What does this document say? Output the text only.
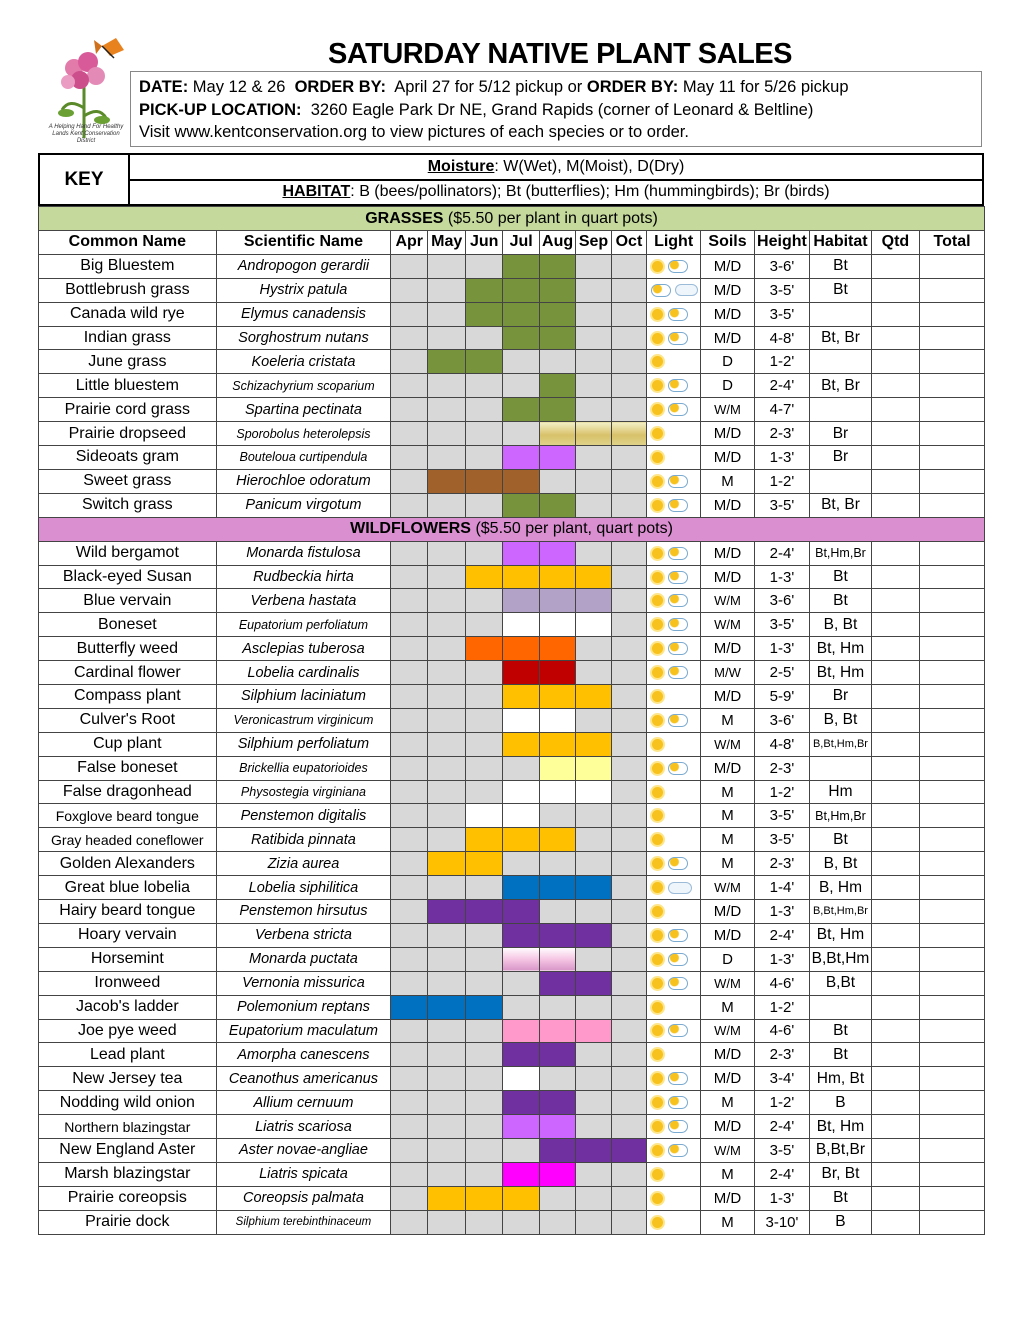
A Helping Hand For Healthy Lands Kent Conservation District
SATURDAY NATIVE PLANT SALES
DATE: May 12 & 26 ORDER BY: April 27 for 5/12 pickup or ORDER BY: May 11 for 5/26 pickup
PICK-UP LOCATION: 3260 Eagle Park Dr NE, Grand Rapids (corner of Leonard & Beltline)
Visit www.kentconservation.org to view pictures of each species or to order.
KEY
Moisture : W(Wet), M(Moist), D(Dry)
HABITAT : B (bees/pollinators); Bt (butterflies); Hm (hummingbirds); Br (birds)
GRASSES ($5.50 per plant in quart pots)														
Common Name	Scientific Name	Apr	May	Jun	Jul	Aug	Sep	Oct	Light	Soils	Height	Habitat	Qtd	Total
Big Bluestem	Andropogon gerardii									M/D	3-6'	Bt		
Bottlebrush grass	Hystrix patula									M/D	3-5'	Bt		
Canada wild rye	Elymus canadensis									M/D	3-5'			
Indian grass	Sorghostrum nutans									M/D	4-8'	Bt, Br		
June grass	Koeleria cristata									D	1-2'			
Little bluestem	Schizachyrium scoparium									D	2-4'	Bt, Br		
Prairie cord grass	Spartina pectinata									W/M	4-7'			
Prairie dropseed	Sporobolus heterolepsis									M/D	2-3'	Br		
Sideoats gram	Bouteloua curtipendula									M/D	1-3'	Br		
Sweet grass	Hierochloe odoratum									M	1-2'			
Switch grass	Panicum virgotum									M/D	3-5'	Bt, Br		
WILDFLOWERS ($5.50 per plant, quart pots)														
Wild bergamot	Monarda fistulosa									M/D	2-4'	Bt,Hm,Br		
Black-eyed Susan	Rudbeckia hirta									M/D	1-3'	Bt		
Blue vervain	Verbena hastata									W/M	3-6'	Bt		
Boneset	Eupatorium perfoliatum									W/M	3-5'	B, Bt		
Butterfly weed	Asclepias tuberosa									M/D	1-3'	Bt, Hm		
Cardinal flower	Lobelia cardinalis									M/W	2-5'	Bt, Hm		
Compass plant	Silphium laciniatum									M/D	5-9'	Br		
Culver's Root	Veronicastrum virginicum									M	3-6'	B, Bt		
Cup plant	Silphium perfoliatum									W/M	4-8'	B,Bt,Hm,Br		
False boneset	Brickellia eupatorioides									M/D	2-3'			
False dragonhead	Physostegia virginiana									M	1-2'	Hm		
Foxglove beard tongue	Penstemon digitalis									M	3-5'	Bt,Hm,Br		
Gray headed coneflower	Ratibida pinnata									M	3-5'	Bt		
Golden Alexanders	Zizia aurea									M	2-3'	B, Bt		
Great blue lobelia	Lobelia siphilitica									W/M	1-4'	B, Hm		
Hairy beard tongue	Penstemon hirsutus									M/D	1-3'	B,Bt,Hm,Br		
Hoary vervain	Verbena stricta									M/D	2-4'	Bt, Hm		
Horsemint	Monarda puctata									D	1-3'	B,Bt,Hm		
Ironweed	Vernonia missurica									W/M	4-6'	B,Bt		
Jacob's ladder	Polemonium reptans									M	1-2'			
Joe pye weed	Eupatorium maculatum									W/M	4-6'	Bt		
Lead plant	Amorpha canescens									M/D	2-3'	Bt		
New Jersey tea	Ceanothus americanus									M/D	3-4'	Hm, Bt		
Nodding wild onion	Allium cernuum									M	1-2'	B		
Northern blazingstar	Liatris scariosa									M/D	2-4'	Bt, Hm		
New England Aster	Aster novae-angliae									W/M	3-5'	B,Bt,Br		
Marsh blazingstar	Liatris spicata									M	2-4'	Br, Bt		
Prairie coreopsis	Coreopsis palmata									M/D	1-3'	Bt		
Prairie dock	Silphium terebinthinaceum									M	3-10'	B		
